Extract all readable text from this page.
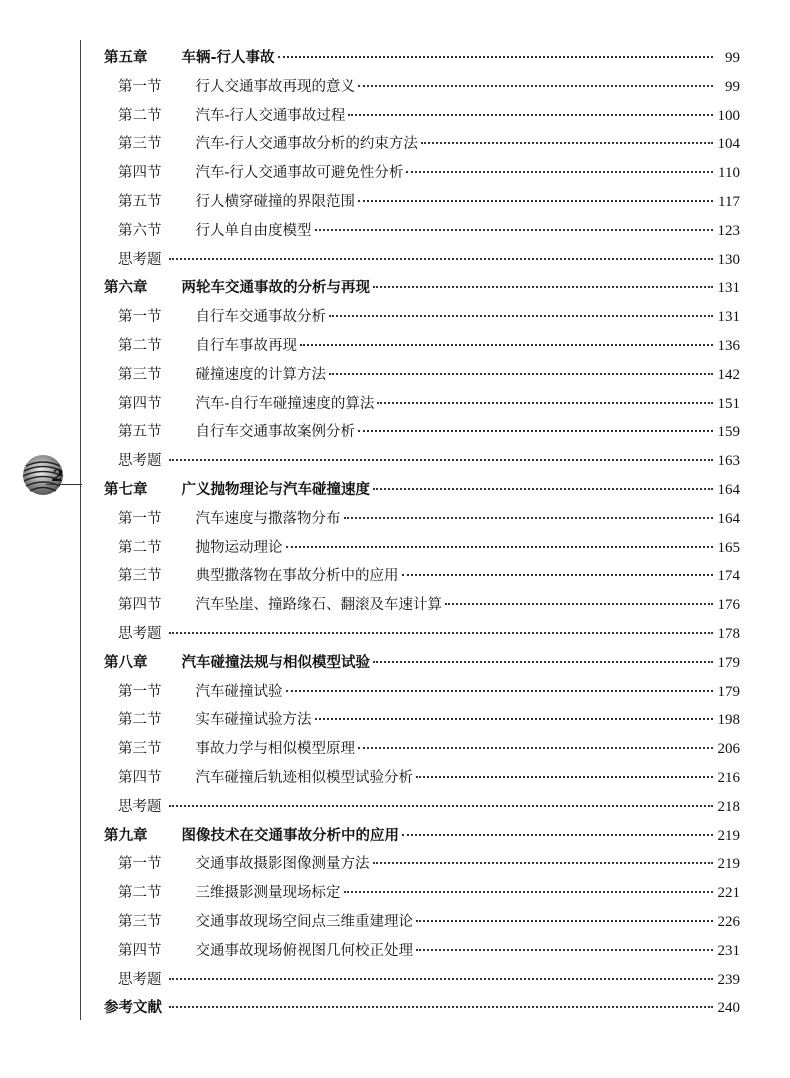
2
第五章 车辆-行人事故	99
第一节 行人交通事故再现的意义	99
第二节 汽车-行人交通事故过程	100
第三节 汽车-行人交通事故分析的约束方法	104
第四节 汽车-行人交通事故可避免性分析	110
第五节 行人横穿碰撞的界限范围	117
第六节 行人单自由度模型	123
思考题	130
第六章 两轮车交通事故的分析与再现	131
第一节 自行车交通事故分析	131
第二节 自行车事故再现	136
第三节 碰撞速度的计算方法	142
第四节 汽车-自行车碰撞速度的算法	151
第五节 自行车交通事故案例分析	159
思考题	163
第七章 广义抛物理论与汽车碰撞速度	164
第一节 汽车速度与撒落物分布	164
第二节 抛物运动理论	165
第三节 典型撒落物在事故分析中的应用	174
第四节 汽车坠崖、撞路缘石、翻滚及车速计算	176
思考题	178
第八章 汽车碰撞法规与相似模型试验	179
第一节 汽车碰撞试验	179
第二节 实车碰撞试验方法	198
第三节 事故力学与相似模型原理	206
第四节 汽车碰撞后轨迹相似模型试验分析	216
思考题	218
第九章 图像技术在交通事故分析中的应用	219
第一节 交通事故摄影图像测量方法	219
第二节 三维摄影测量现场标定	221
第三节 交通事故现场空间点三维重建理论	226
第四节 交通事故现场俯视图几何校正处理	231
思考题	239
参考文献	240
